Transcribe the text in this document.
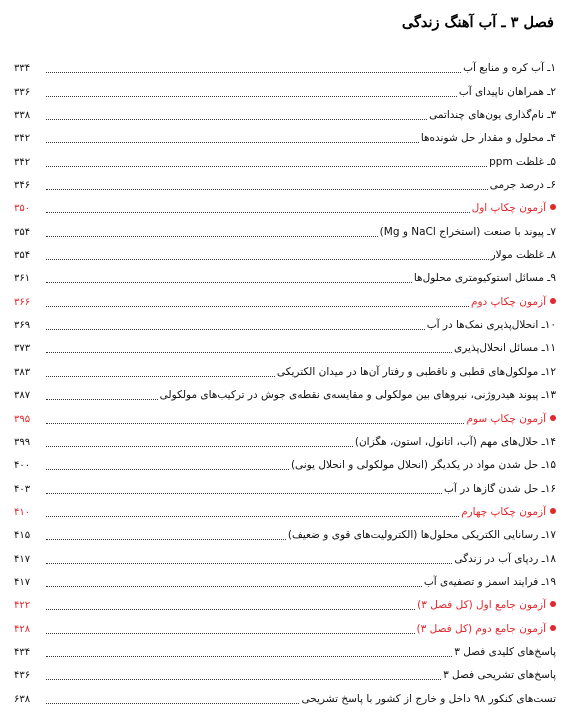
فصل ۳ ـ آب آهنگ زندگی
۱ـ آب کره و منابع آب
۳۳۴
۲ـ همراهان ناپیدای آب
۳۳۶
۳ـ نام‌گذاری یون‌های چنداتمی
۳۳۸
۴ـ محلول و مقدار حل شونده‌ها
۳۴۲
۵ـ غلظت ppm
۳۴۲
۶ـ درصد جرمی
۳۴۶
آزمون چکاپ اول
۳۵۰
۷ـ پیوند با صنعت (استخراج NaCl و Mg)
۳۵۴
۸ـ غلظت مولار
۳۵۴
۹ـ مسائل استوکیومتری محلول‌ها
۳۶۱
آزمون چکاپ دوم
۳۶۶
۱۰ـ انحلال‌پذیری نمک‌ها در آب
۳۶۹
۱۱ـ مسائل انحلال‌پذیری
۳۷۳
۱۲ـ مولکول‌های قطبی و ناقطبی و رفتار آن‌ها در میدان الکتریکی
۳۸۳
۱۳ـ پیوند هیدروژنی، نیروهای بین مولکولی و مقایسه‌ی نقطه‌ی جوش در ترکیب‌های مولکولی
۳۸۷
آزمون چکاپ سوم
۳۹۵
۱۴ـ حلال‌های مهم (آب، اتانول، استون، هگزان)
۳۹۹
۱۵ـ حل شدن مواد در یکدیگر (انحلال مولکولی و انحلال یونی)
۴۰۰
۱۶ـ حل شدن گازها در آب
۴۰۳
آزمون چکاپ چهارم
۴۱۰
۱۷ـ رسانایی الکتریکی محلول‌ها (الکترولیت‌های قوی و ضعیف)
۴۱۵
۱۸ـ ردپای آب در زندگی
۴۱۷
۱۹ـ فرایند اسمز و تصفیه‌ی آب
۴۱۷
آزمون جامع اول (کل فصل ۳)
۴۲۲
آزمون جامع دوم (کل فصل ۳)
۴۲۸
پاسخ‌های کلیدی فصل ۳
۴۳۴
پاسخ‌های تشریحی فصل ۳
۴۳۶
تست‌های کنکور ۹۸ داخل و خارج از کشور با پاسخ تشریحی
۶۳۸
